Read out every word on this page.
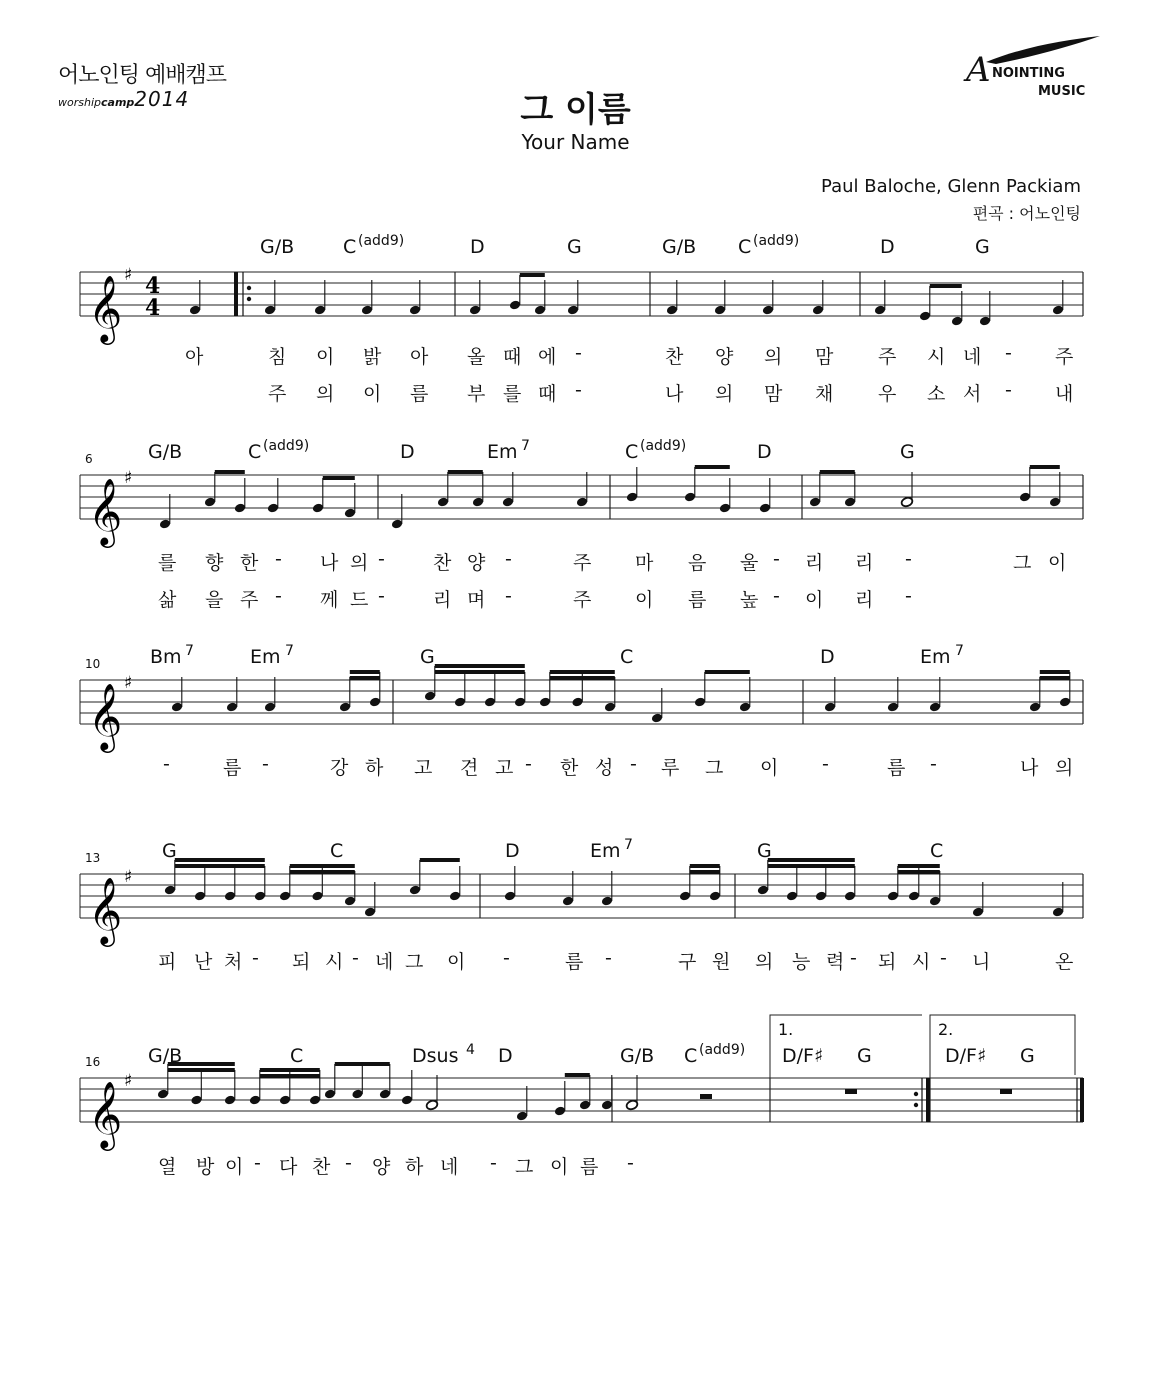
어노인팅 예배캠프
worshipcamp2014
A NOINTING
MUSIC
그 이름
Your Name
Paul Baloche, Glenn Packiam
편곡 : 어노인팅
𝄞 ♯
𝄞 ♯
𝄞 ♯
𝄞 ♯
𝄞 ♯
4
4
6
10
13
16
G/B	C (add9)	D	G	G/B C (add9)	D	G
G/B	C (add9)	D	Em 7	C (add9)	D	G
Bm 7	Em 7	G	C	D	Em 7
G	C	D	Em 7	G	C
G/B	C	Dsus 4 D	G/B C (add9) D/F♯ G	D/F♯ G
1.	2.
아	침 이 밝 아 올 때 에 -	찬 양 의 맘 주 시 네 - 주
주 의 이 름 부 를 때 -	나 의 맘 채 우 소 서 - 내
를 향 한 - 나 의 - 찬 양 -	주 마 음 울 - 리 리 -	그 이
삶 을 주 - 께 드 - 리 며 -	주 이 름 높 - 이 리 -
-	름 -	강 하 고 견 고 - 한 성 - 루 그 이 -	름 -	나 의
피 난 처 - 되 시 - 네 그 이 -	름 -	구 원 의 능 력 - 되 시 - 니	온
열 방 이 - 다 찬 - 양 하 네 - 그 이 름 -
